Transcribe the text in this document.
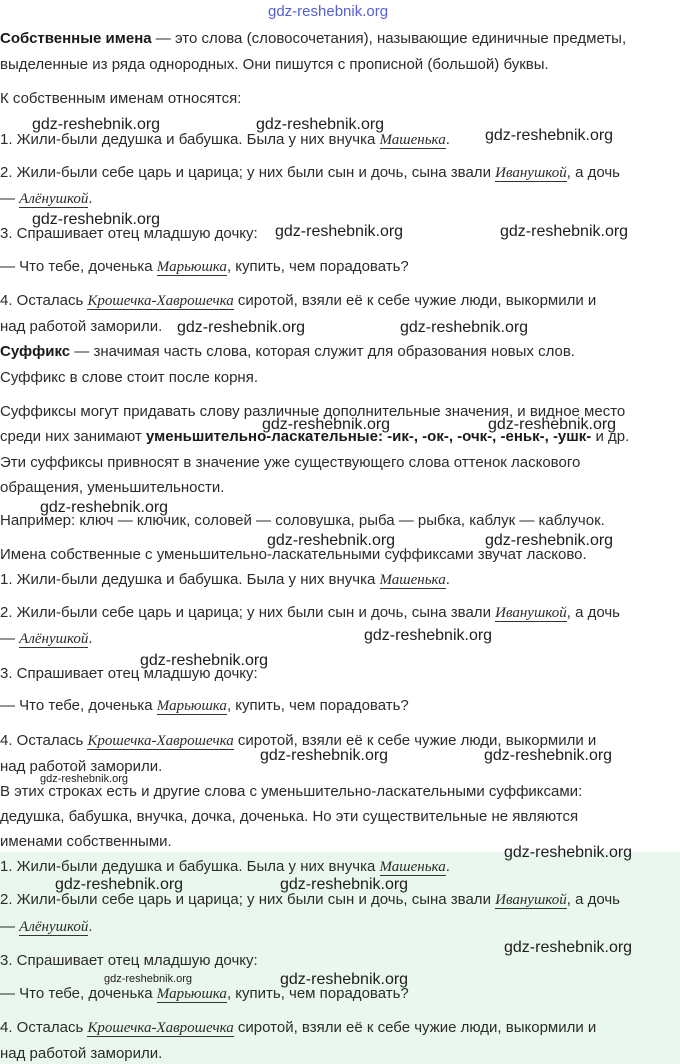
Собственные имена — это слова (словосочетания), называющие единичные предметы,
выделенные из ряда однородных. Они пишутся с прописной (большой) буквы.
К собственным именам относятся:
1. Жили-были дедушка и бабушка. Была у них внучка Машенька.
2. Жили-были себе царь и царица; у них были сын и дочь, сына звали Иванушкой, а дочь
— Алёнушкой.
3. Спрашивает отец младшую дочку:
— Что тебе, доченька Марьюшка, купить, чем порадовать?
4. Осталась Крошечка-Хаврошечка сиротой, взяли её к себе чужие люди, выкормили и
над работой заморили.
Суффикс — значимая часть слова, которая служит для образования новых слов.
Суффикс в слове стоит после корня.
Суффиксы могут придавать слову различные дополнительные значения, и видное место
среди них занимают уменьшительно-ласкательные: -ик-, -ок-, -очк-, -еньк-, -ушк- и др.
Эти суффиксы привносят в значение уже существующего слова оттенок ласкового
обращения, уменьшительности.
Например: ключ — ключик, соловей — соловушка, рыба — рыбка, каблук — каблучок.
Имена собственные с уменьшительно-ласкательными суффиксами звучат ласково.
1. Жили-были дедушка и бабушка. Была у них внучка Машенька.
2. Жили-были себе царь и царица; у них были сын и дочь, сына звали Иванушкой, а дочь
— Алёнушкой.
3. Спрашивает отец младшую дочку:
— Что тебе, доченька Марьюшка, купить, чем порадовать?
4. Осталась Крошечка-Хаврошечка сиротой, взяли её к себе чужие люди, выкормили и
над работой заморили.
В этих строках есть и другие слова с уменьшительно-ласкательными суффиксами:
дедушка, бабушка, внучка, дочка, доченька. Но эти существительные не являются
именами собственными.
1. Жили-были дедушка и бабушка. Была у них внучка Машенька.
2. Жили-были себе царь и царица; у них были сын и дочь, сына звали Иванушкой, а дочь
— Алёнушкой.
3. Спрашивает отец младшую дочку:
— Что тебе, доченька Марьюшка, купить, чем порадовать?
4. Осталась Крошечка-Хаврошечка сиротой, взяли её к себе чужие люди, выкормили и
над работой заморили.
gdz-reshebnik.org
gdz-reshebnik.org	gdz-reshebnik.org
gdz-reshebnik.org
gdz-reshebnik.org
gdz-reshebnik.org	gdz-reshebnik.org
gdz-reshebnik.org	gdz-reshebnik.org
gdz-reshebnik.org	gdz-reshebnik.org
gdz-reshebnik.org
gdz-reshebnik.org	gdz-reshebnik.org
gdz-reshebnik.org
gdz-reshebnik.org
gdz-reshebnik.org	gdz-reshebnik.org
gdz-reshebnik.org
gdz-reshebnik.org
gdz-reshebnik.org	gdz-reshebnik.org
gdz-reshebnik.org
gdz-reshebnik.org	gdz-reshebnik.org
